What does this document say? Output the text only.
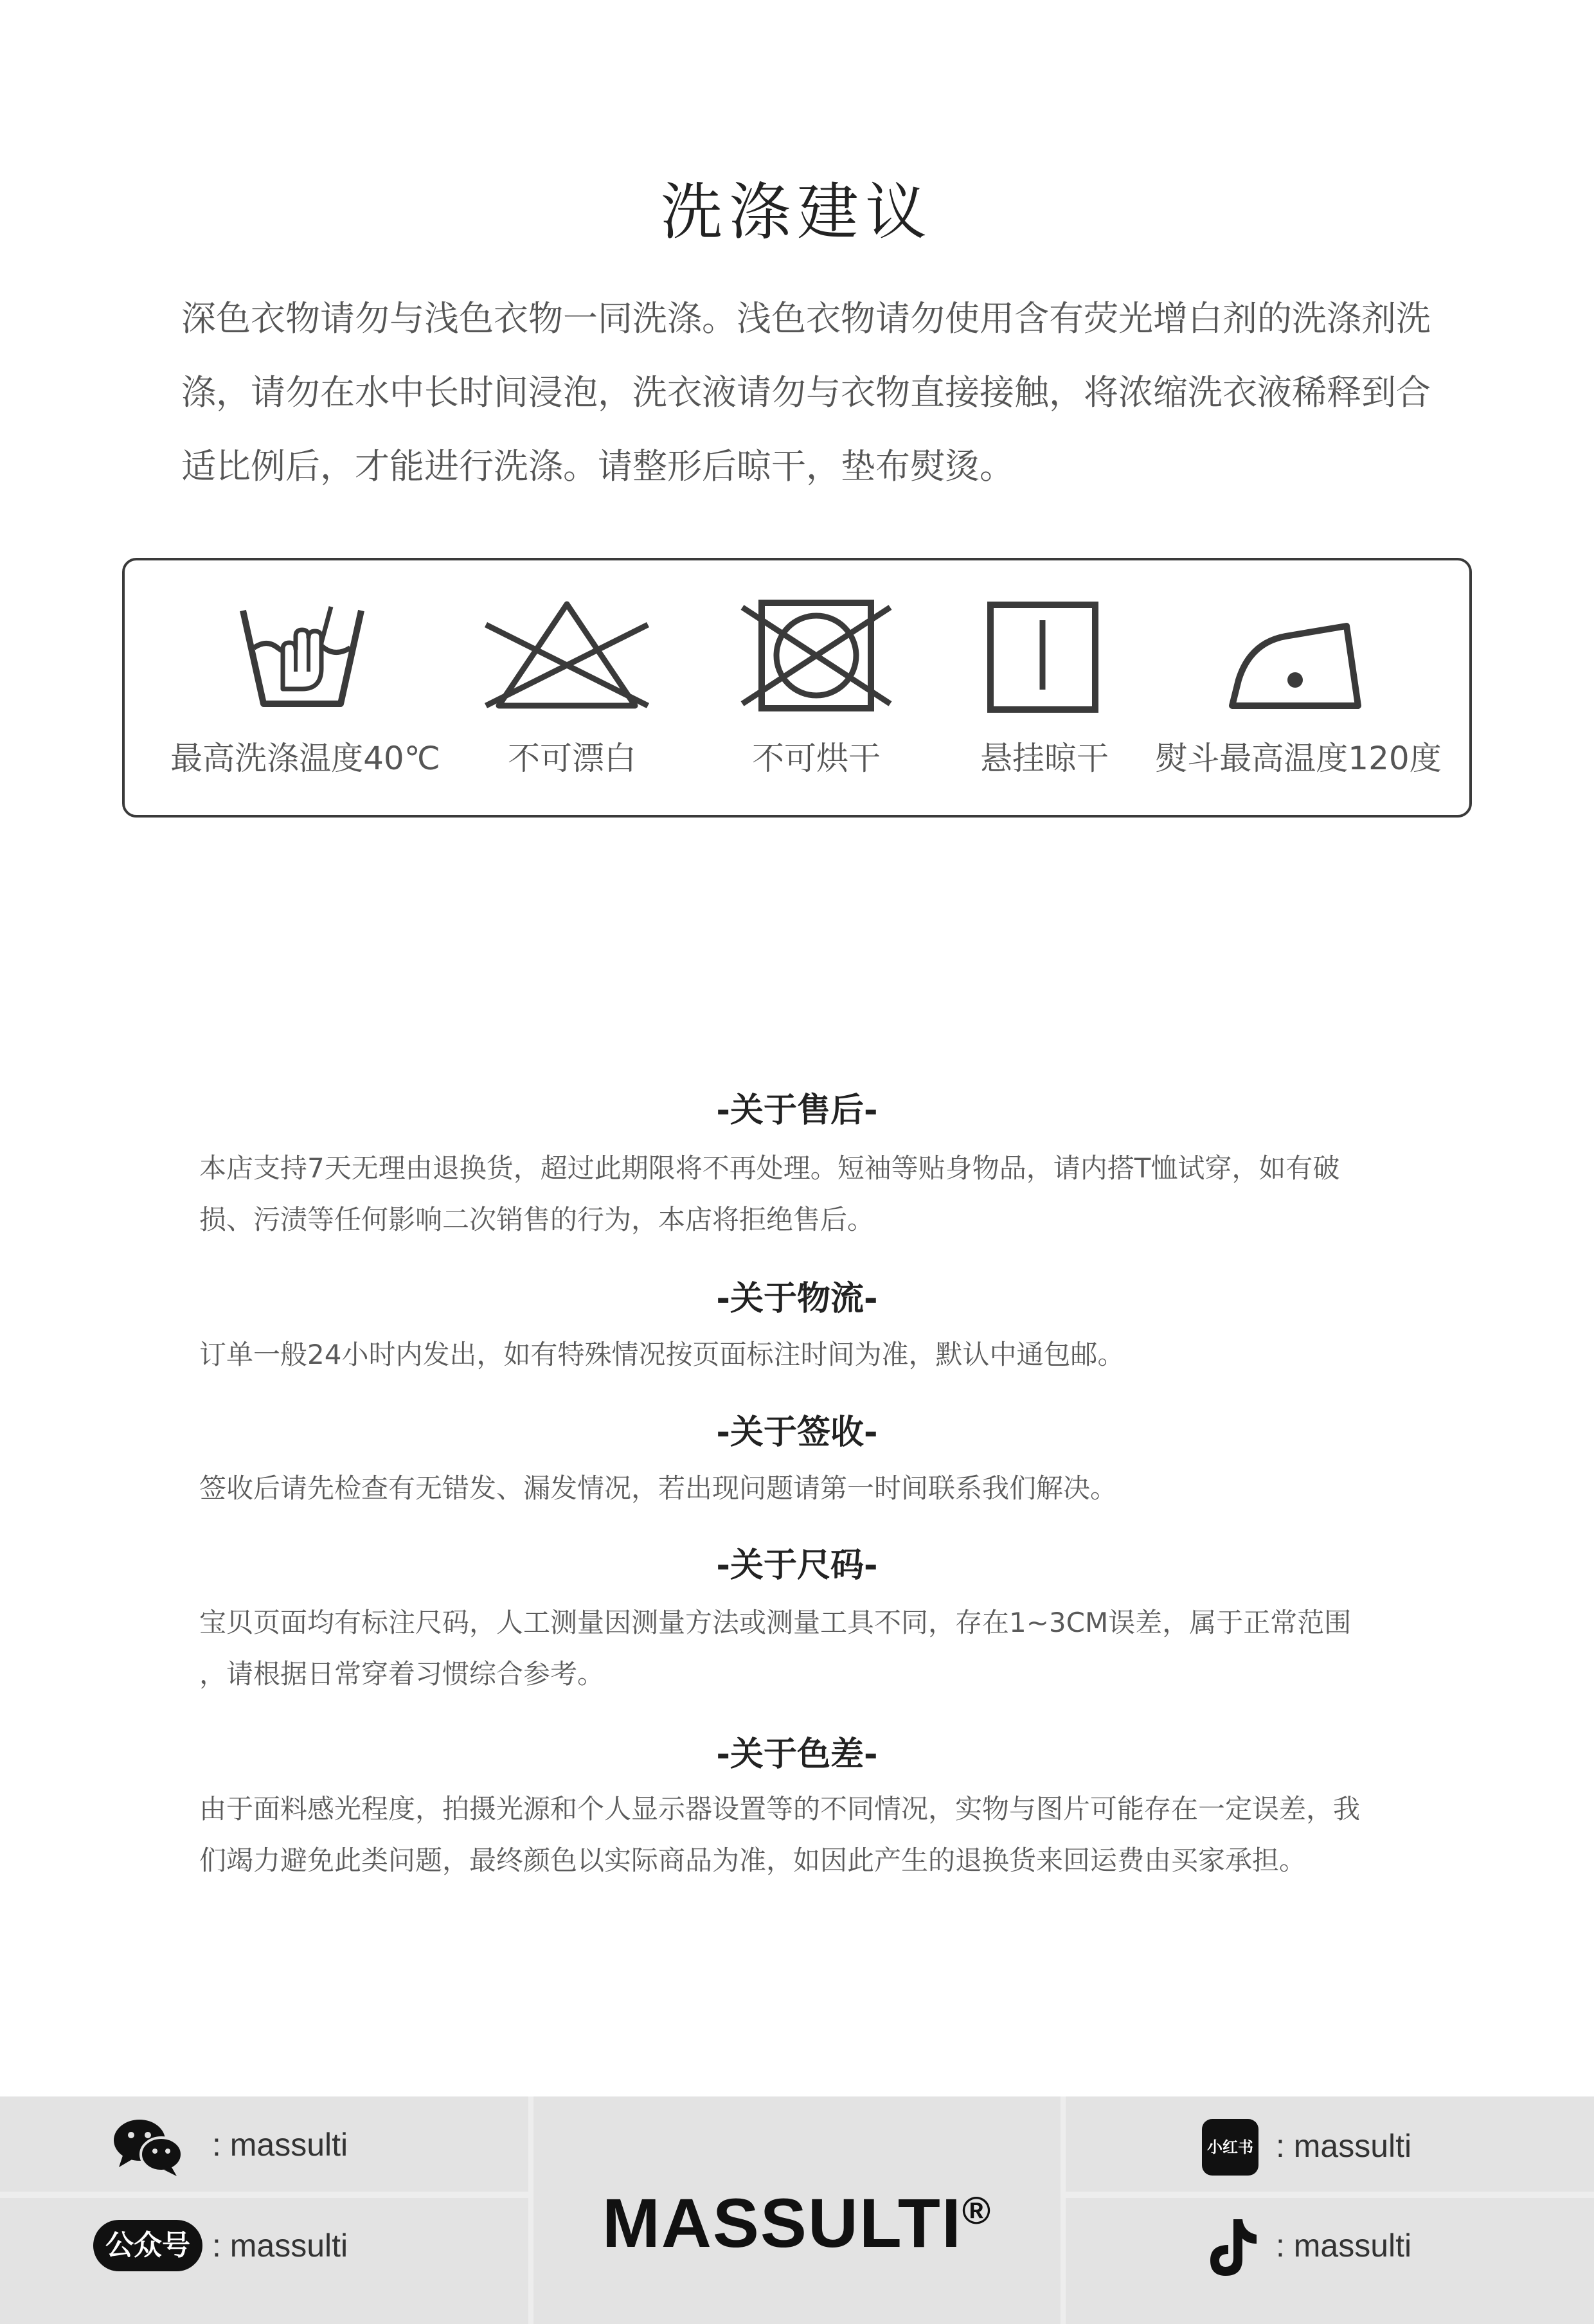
洗涤建议
深色衣物请勿与浅色衣物一同洗涤。浅色衣物请勿使用含有荧光增白剂的洗涤剂洗
涤，请勿在水中长时间浸泡，洗衣液请勿与衣物直接接触，将浓缩洗衣液稀释到合
适比例后，才能进行洗涤。请整形后晾干，垫布熨烫。
最高洗涤温度40℃	不可漂白	不可烘干	悬挂晾干	熨斗最高温度120度
-关于售后-
本店支持7天无理由退换货，超过此期限将不再处理。短袖等贴身物品，请内搭T恤试穿，如有破
损、污渍等任何影响二次销售的行为，本店将拒绝售后。
-关于物流-
订单一般24小时内发出，如有特殊情况按页面标注时间为准，默认中通包邮。
-关于签收-
签收后请先检查有无错发、漏发情况，若出现问题请第一时间联系我们解决。
-关于尺码-
宝贝页面均有标注尺码，人工测量因测量方法或测量工具不同，存在1~3CM误差，属于正常范围
，请根据日常穿着习惯综合参考。
-关于色差-
由于面料感光程度，拍摄光源和个人显示器设置等的不同情况，实物与图片可能存在一定误差，我
们竭力避免此类问题，最终颜色以实际商品为准，如因此产生的退换货来回运费由买家承担。
: massulti
公众号 : massulti	MASSULTI®
小红书 : massulti
: massulti
